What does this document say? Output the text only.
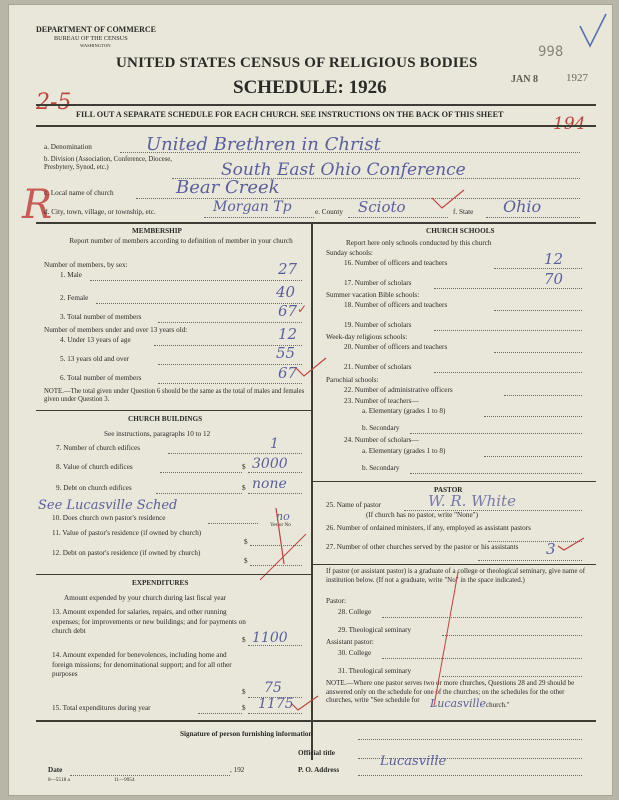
DEPARTMENT OF COMMERCE
BUREAU OF THE CENSUS
WASHINGTON
UNITED STATES CENSUS OF RELIGIOUS BODIES
SCHEDULE: 1926
998
JAN 8	1927
2-5
194
R
FILL OUT A SEPARATE SCHEDULE FOR EACH CHURCH. SEE INSTRUCTIONS ON THE BACK OF THIS SHEET
a. Denomination	United Brethren in Christ
b. Division (Association, Conference, Diocese, Presbytery, Synod, etc.)	South East Ohio Conference
c. Local name of church	Bear Creek
d. City, town, village, or township, etc.	Morgan Tp	e. County Scioto	f. State Ohio
MEMBERSHIP
Report number of members according to definition of member in your church
Number of members, by sex:
1. Male	27
2. Female	40
3. Total number of members	67 ✓
Number of members under and over 13 years old:
4. Under 13 years of age	12
5. 13 years old and over	55
6. Total number of members	67
NOTE.—The total given under Question 6 should be the same as the total of males and females given under Question 3.
CHURCH BUILDINGS
See instructions, paragraphs 10 to 12
7. Number of church edifices	1
8. Value of church edifices	$ 3000
9. Debt on church edifices	$ none
See Lucasville Sched
10. Does church own pastor's residence	no
Yes or No
11. Value of pastor's residence (if owned by church)
$
12. Debt on pastor's residence (if owned by church)
$
EXPENDITURES
Amount expended by your church during last fiscal year
13. Amount expended for salaries, repairs, and other running expenses; for improvements or new buildings; and for payments on church debt
$ 1100
14. Amount expended for benevolences, including home and foreign missions; for denominational support; and for all other purposes
$ 75
15. Total expenditures during year	$ 1175
CHURCH SCHOOLS
Report here only schools conducted by this church
Sunday schools:
16. Number of officers and teachers	12
17. Number of scholars	70
Summer vacation Bible schools:
18. Number of officers and teachers
19. Number of scholars
Week-day religious schools:
20. Number of officers and teachers
21. Number of scholars
Parochial schools:
22. Number of administrative officers
23. Number of teachers—
a. Elementary (grades 1 to 8)
b. Secondary
24. Number of scholars—
a. Elementary (grades 1 to 8)
b. Secondary
PASTOR
25. Name of pastor	W. R. White
(If church has no pastor, write "None")
26. Number of ordained ministers, if any, employed as assistant pastors
27. Number of other churches served by the pastor or his assistants	3
If pastor (or assistant pastor) is a graduate of a college or theological seminary, give name of institution below. (If not a graduate, write "No" in the space indicated.)
Pastor:
28. College
29. Theological seminary
Assistant pastor:
30. College
31. Theological seminary
NOTE.—Where one pastor serves two or more churches, Questions 28 and 29 should be answered only on the schedule for one of the churches; on the schedules for the other churches, write "See schedule for Lucasville church."
Signature of person furnishing information
Official title
Date	, 192	P. O. Address
Lucasville
8—5518 a	11—9954
